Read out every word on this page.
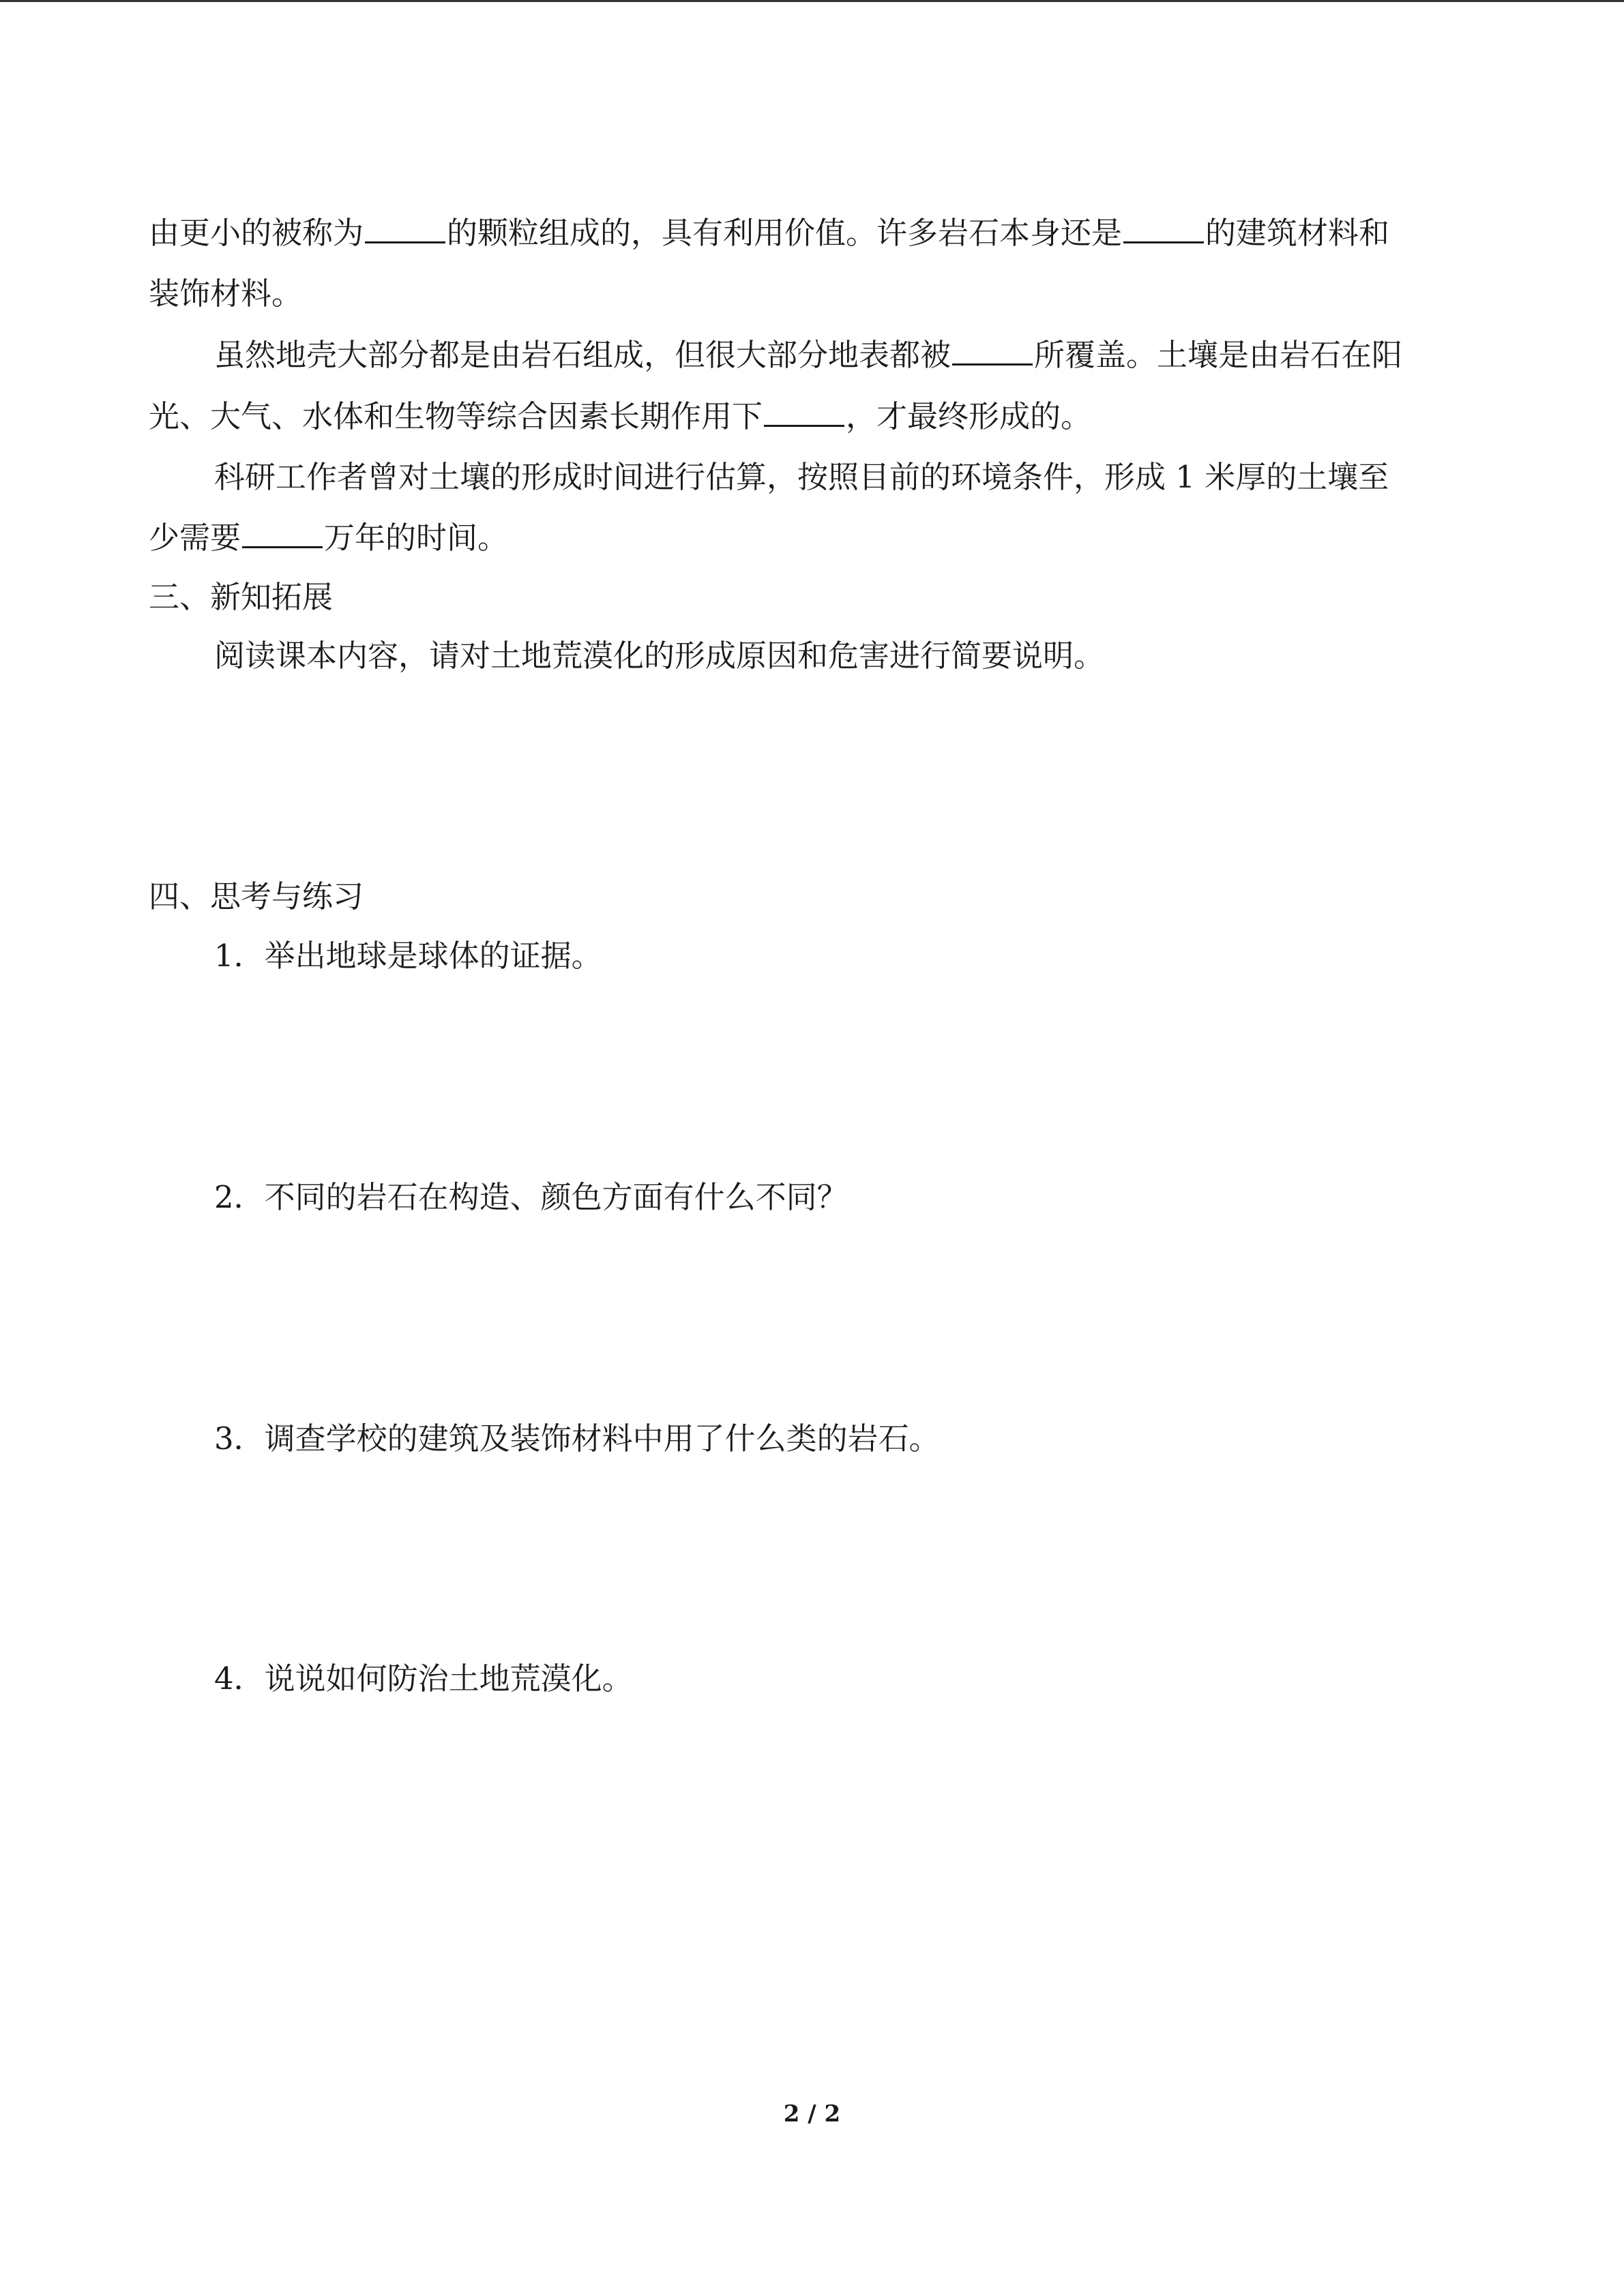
由更小的被称为	的颗粒组成的，具有利用价值。许多岩石本身还是	的建筑材料和
装饰材料。
虽然地壳大部分都是由岩石组成，但很大部分地表都被	所覆盖。土壤是由岩石在阳
光、大气、水体和生物等综合因素长期作用下	，才最终形成的。
科研工作者曾对土壤的形成时间进行估算，按照目前的环境条件，形成 1 米厚的土壤至
少需要	万年的时间。
三、新知拓展
阅读课本内容，请对土地荒漠化的形成原因和危害进行简要说明。
四、思考与练习
1．举出地球是球体的证据。
2．不同的岩石在构造、颜色方面有什么不同？
3．调查学校的建筑及装饰材料中用了什么类的岩石。
4．说说如何防治土地荒漠化。
2 / 2
